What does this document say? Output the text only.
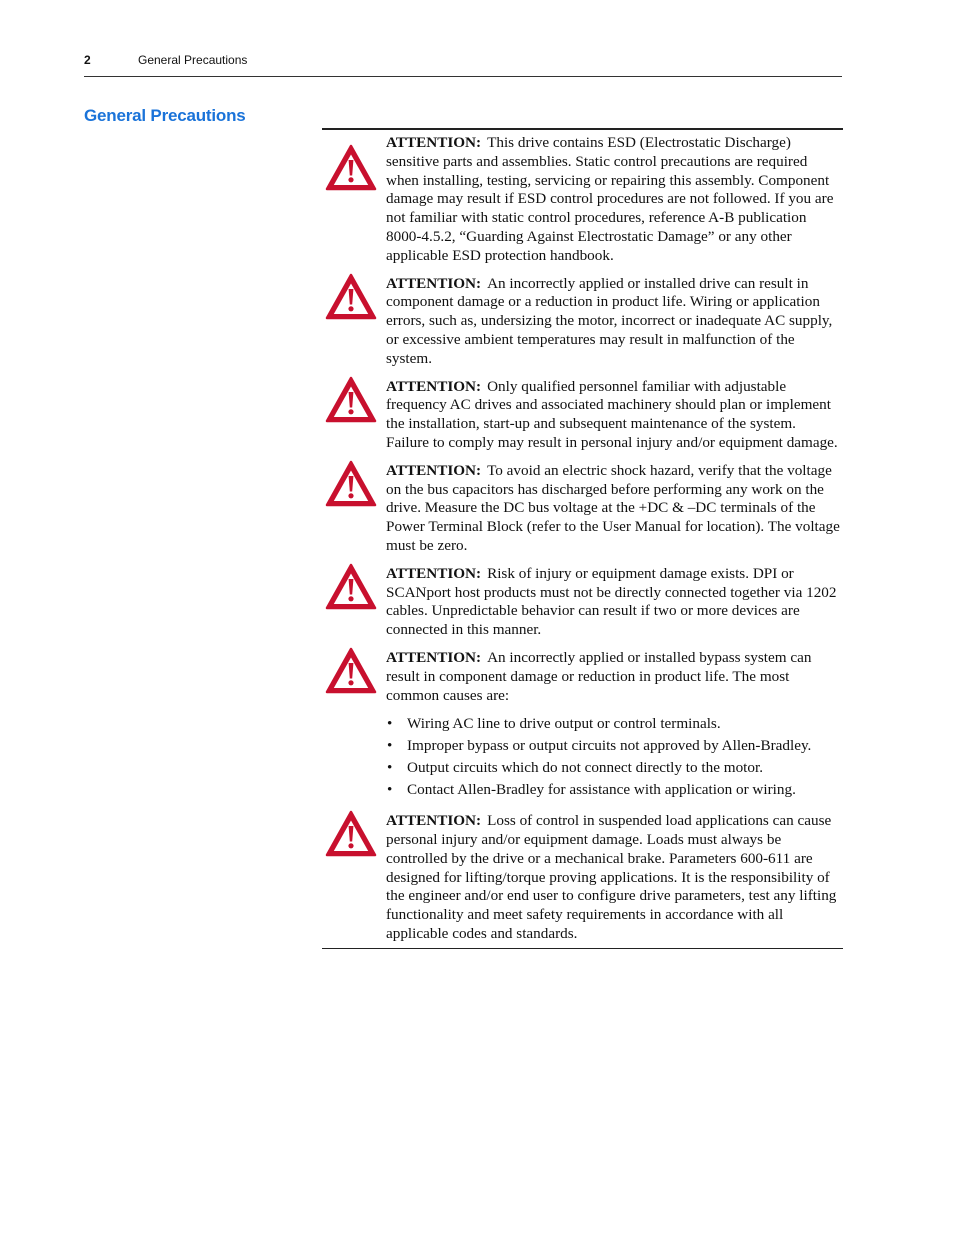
2	General Precautions
General Precautions

ATTENTION: This drive contains ESD (Electrostatic Discharge) sensitive parts and assemblies. Static control precautions are required when installing, testing, servicing or repairing this assembly. Component damage may result if ESD control procedures are not followed. If you are not familiar with static control procedures, reference A-B publication 8000-4.5.2, “Guarding Against Electrostatic Damage” or any other applicable ESD protection handbook.

ATTENTION: An incorrectly applied or installed drive can result in component damage or a reduction in product life. Wiring or application errors, such as, undersizing the motor, incorrect or inadequate AC supply, or excessive ambient temperatures may result in malfunction of the system.

ATTENTION: Only qualified personnel familiar with adjustable frequency AC drives and associated machinery should plan or implement the installation, start-up and subsequent maintenance of the system. Failure to comply may result in personal injury and/or equipment damage.

ATTENTION: To avoid an electric shock hazard, verify that the voltage on the bus capacitors has discharged before performing any work on the drive. Measure the DC bus voltage at the +DC & –DC terminals of the Power Terminal Block (refer to the User Manual for location). The voltage must be zero.

ATTENTION: Risk of injury or equipment damage exists. DPI or SCANport host products must not be directly connected together via 1202 cables. Unpredictable behavior can result if two or more devices are connected in this manner.

ATTENTION: An incorrectly applied or installed bypass system can result in component damage or reduction in product life. The most common causes are:

• Wiring AC line to drive output or control terminals.
• Improper bypass or output circuits not approved by Allen-Bradley.
• Output circuits which do not connect directly to the motor.
• Contact Allen-Bradley for assistance with application or wiring.

ATTENTION: Loss of control in suspended load applications can cause personal injury and/or equipment damage. Loads must always be controlled by the drive or a mechanical brake. Parameters 600-611 are designed for lifting/torque proving applications. It is the responsibility of the engineer and/or end user to configure drive parameters, test any lifting functionality and meet safety requirements in accordance with all applicable codes and standards.
